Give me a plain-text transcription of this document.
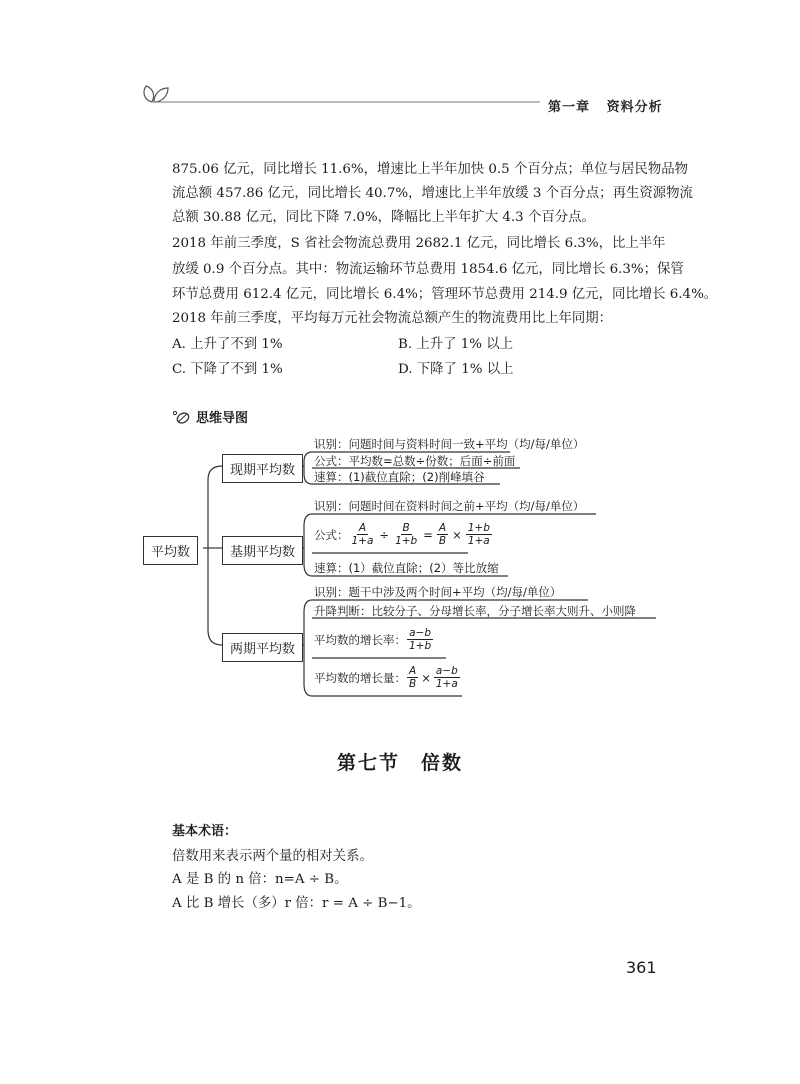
第一章 资料分析
875.06 亿元，同比增长 11.6%，增速比上半年加快 0.5 个百分点；单位与居民物品物
流总额 457.86 亿元，同比增长 40.7%，增速比上半年放缓 3 个百分点；再生资源物流
总额 30.88 亿元，同比下降 7.0%，降幅比上半年扩大 4.3 个百分点。
2018 年前三季度，S 省社会物流总费用 2682.1 亿元，同比增长 6.3%，比上半年
放缓 0.9 个百分点。其中：物流运输环节总费用 1854.6 亿元，同比增长 6.3%；保管
环节总费用 612.4 亿元，同比增长 6.4%；管理环节总费用 214.9 亿元，同比增长 6.4%。
2018 年前三季度，平均每万元社会物流总额产生的物流费用比上年同期：
A. 上升了不到 1%	B. 上升了 1% 以上
C. 下降了不到 1%	D. 下降了 1% 以上
思维导图
平均数
现期平均数
基期平均数
两期平均数
识别：问题时间与资料时间一致+平均（均/每/单位）
公式：平均数=总数÷份数；后面÷前面
速算：(1)截位直除；(2)削峰填谷
识别：问题时间在资料时间之前+平均（均/每/单位）
公式： $\frac{A}{1+a} \div \frac{B}{1+b} = \frac{A}{B} \times \frac{1+b}{1+a}$
速算：(1）截位直除；(2）等比放缩
识别：题干中涉及两个时间+平均（均/每/单位）
升降判断：比较分子、分母增长率，分子增长率大则升、小则降
平均数的增长率： $\frac{a-b}{1+b}$
平均数的增长量： $\frac{A}{B} \times \frac{a-b}{1+a}$
第七节　倍数
基本术语：
倍数用来表示两个量的相对关系。
A 是 B 的 n 倍：n=A ÷ B。
A 比 B 增长（多）r 倍：r = A ÷ B−1。
361
